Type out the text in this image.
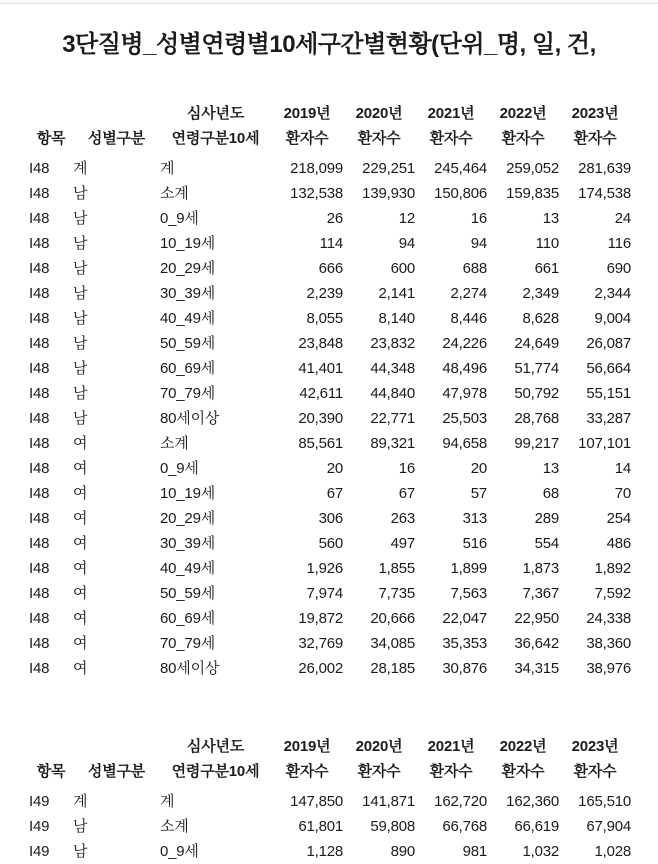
3단질병_성별연령별10세구간별현황(단위_명, 일, 건,
		심사년도	2019년	2020년	2021년	2022년	2023년
항목	성별구분	연령구분10세	환자수	환자수	환자수	환자수	환자수
I48	계	계	218,099	229,251	245,464	259,052	281,639
I48	남	소계	132,538	139,930	150,806	159,835	174,538
I48	남	0_9세	26	12	16	13	24
I48	남	10_19세	114	94	94	110	116
I48	남	20_29세	666	600	688	661	690
I48	남	30_39세	2,239	2,141	2,274	2,349	2,344
I48	남	40_49세	8,055	8,140	8,446	8,628	9,004
I48	남	50_59세	23,848	23,832	24,226	24,649	26,087
I48	남	60_69세	41,401	44,348	48,496	51,774	56,664
I48	남	70_79세	42,611	44,840	47,978	50,792	55,151
I48	남	80세이상	20,390	22,771	25,503	28,768	33,287
I48	여	소계	85,561	89,321	94,658	99,217	107,101
I48	여	0_9세	20	16	20	13	14
I48	여	10_19세	67	67	57	68	70
I48	여	20_29세	306	263	313	289	254
I48	여	30_39세	560	497	516	554	486
I48	여	40_49세	1,926	1,855	1,899	1,873	1,892
I48	여	50_59세	7,974	7,735	7,563	7,367	7,592
I48	여	60_69세	19,872	20,666	22,047	22,950	24,338
I48	여	70_79세	32,769	34,085	35,353	36,642	38,360
I48	여	80세이상	26,002	28,185	30,876	34,315	38,976
		심사년도	2019년	2020년	2021년	2022년	2023년
항목	성별구분	연령구분10세	환자수	환자수	환자수	환자수	환자수
I49	계	계	147,850	141,871	162,720	162,360	165,510
I49	남	소계	61,801	59,808	66,768	66,619	67,904
I49	남	0_9세	1,128	890	981	1,032	1,028
